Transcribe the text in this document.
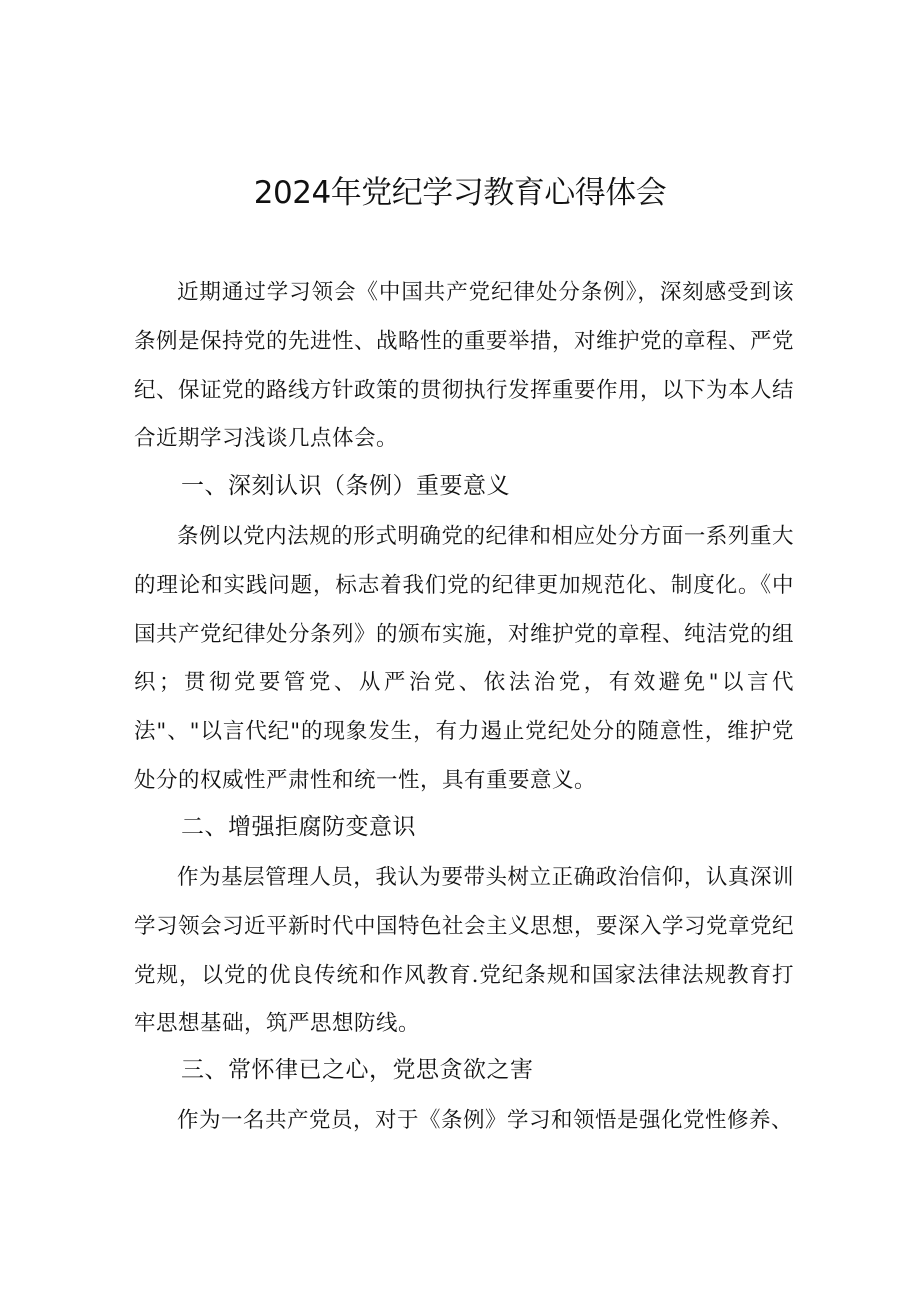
2024年党纪学习教育心得体会

近期通过学习领会《中国共产党纪律处分条例》，深刻感受到该条例是保持党的先进性、战略性的重要举措，对维护党的章程、严党纪、保证党的路线方针政策的贯彻执行发挥重要作用，以下为本人结合近期学习浅谈几点体会。

一、深刻认识（条例）重要意义

条例以党内法规的形式明确党的纪律和相应处分方面一系列重大的理论和实践问题，标志着我们党的纪律更加规范化、制度化。《中国共产党纪律处分条列》的颁布实施，对维护党的章程、纯洁党的组织；贯彻党要管党、从严治党、依法治党，有效避免"以言代法"、"以言代纪"的现象发生，有力遏止党纪处分的随意性，维护党处分的权威性严肃性和统一性，具有重要意义。

二、增强拒腐防变意识

作为基层管理人员，我认为要带头树立正确政治信仰，认真深训学习领会习近平新时代中国特色社会主义思想，要深入学习党章党纪党规，以党的优良传统和作风教育.党纪条规和国家法律法规教育打牢思想基础，筑严思想防线。

三、常怀律已之心，党思贪欲之害

作为一名共产党员，对于《条例》学习和领悟是强化党性修养、
